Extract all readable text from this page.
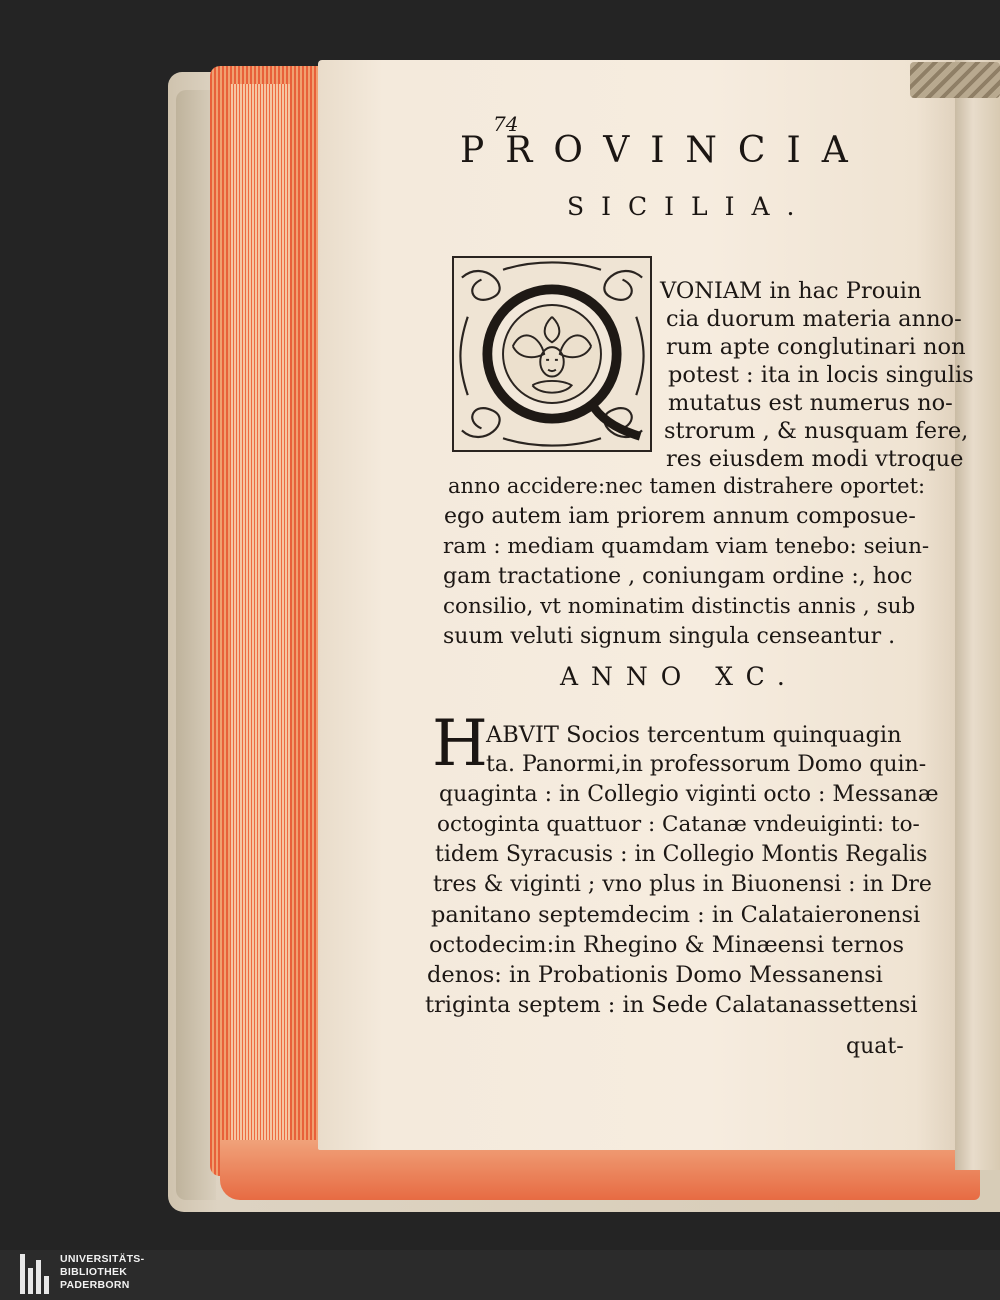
74
PROVINCIA
SICILIA.
VONIAM in hac Prouin
cia duorum materia anno-
rum apte conglutinari non
potest : ita in locis singulis
mutatus est numerus no-
strorum , & nusquam fere,
res eiusdem modi vtroque
anno accidere:nec tamen distrahere oportet:
ego autem iam priorem annum composue-
ram : mediam quamdam viam tenebo: seiun-
gam tractatione , coniungam ordine :, hoc
consilio, vt nominatim distinctis annis , sub
suum veluti signum singula censeantur .
ANNO XC.
H
ABVIT Socios tercentum quinquagin
ta. Panormi,in professorum Domo quin-
quaginta : in Collegio viginti octo : Messanæ
octoginta quattuor : Catanæ vndeuiginti: to-
tidem Syracusis : in Collegio Montis Regalis
tres & viginti ; vno plus in Biuonensi : in Dre
panitano septemdecim : in Calataieronensi
octodecim:in Rhegino & Minæensi ternos
denos: in Probationis Domo Messanensi
triginta septem : in Sede Calatanassettensi
quat-
UNIVERSITÄTS-
BIBLIOTHEK
PADERBORN
